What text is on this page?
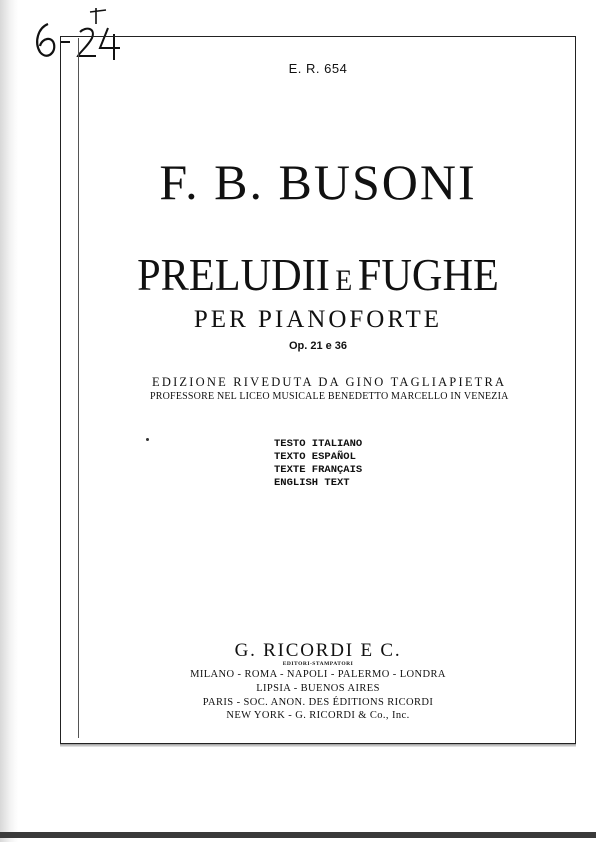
E. R. 654
F. B. BUSONI
PRELUDII E FUGHE
PER PIANOFORTE
Op. 21 e 36
EDIZIONE RIVEDUTA DA GINO TAGLIAPIETRA
PROFESSORE NEL LICEO MUSICALE BENEDETTO MARCELLO IN VENEZIA
TESTO ITALIANO
TEXTO ESPAÑOL
TEXTE FRANÇAIS
ENGLISH TEXT
G. RICORDI E C.
EDITORI-STAMPATORI
MILANO - ROMA - NAPOLI - PALERMO - LONDRA
LIPSIA - BUENOS AIRES
PARIS - SOC. ANON. DES ÉDITIONS RICORDI
NEW YORK - G. RICORDI & Co., Inc.
